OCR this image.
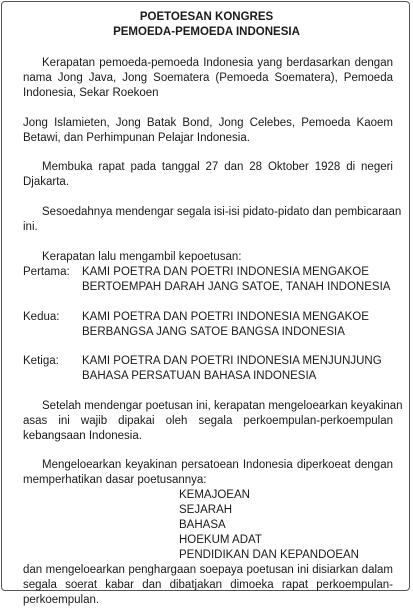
POETOESAN KONGRES
PEMOEDA-PEMOEDA INDONESIA
Kerapatan pemoeda-pemoeda Indonesia yang berdasarkan dengan
nama Jong Java, Jong Soematera (Pemoeda Soematera), Pemoeda
Indonesia, Sekar Roekoen
Jong Islamieten, Jong Batak Bond, Jong Celebes, Pemoeda Kaoem
Betawi, dan Perhimpunan Pelajar Indonesia.
Membuka rapat pada tanggal 27 dan 28 Oktober 1928 di negeri
Djakarta.
Sesoedahnya mendengar segala isi-isi pidato-pidato dan pembicaraan
ini.
Kerapatan lalu mengambil kepoetusan:
Pertama: KAMI POETRA DAN POETRI INDONESIA MENGAKOE
BERTOEMPAH DARAH JANG SATOE, TANAH INDONESIA
Kedua: KAMI POETRA DAN POETRI INDONESIA MENGAKOE
BERBANGSA JANG SATOE BANGSA INDONESIA
Ketiga: KAMI POETRA DAN POETRI INDONESIA MENJUNJUNG
BAHASA PERSATUAN BAHASA INDONESIA
Setelah mendengar poetusan ini, kerapatan mengeloearkan keyakinan
asas ini wajib dipakai oleh segala perkoempulan-perkoempulan
kebangsaan Indonesia.
Mengeloearkan keyakinan persatoean Indonesia diperkoeat dengan
memperhatikan dasar poetusannya:
KEMAJOEAN
SEJARAH
BAHASA
HOEKUM ADAT
PENDIDIKAN DAN KEPANDOEAN
dan mengeloearkan penghargaan soepaya poetusan ini disiarkan dalam
segala soerat kabar dan dibatjakan dimoeka rapat perkoempulan-
perkoempulan.
